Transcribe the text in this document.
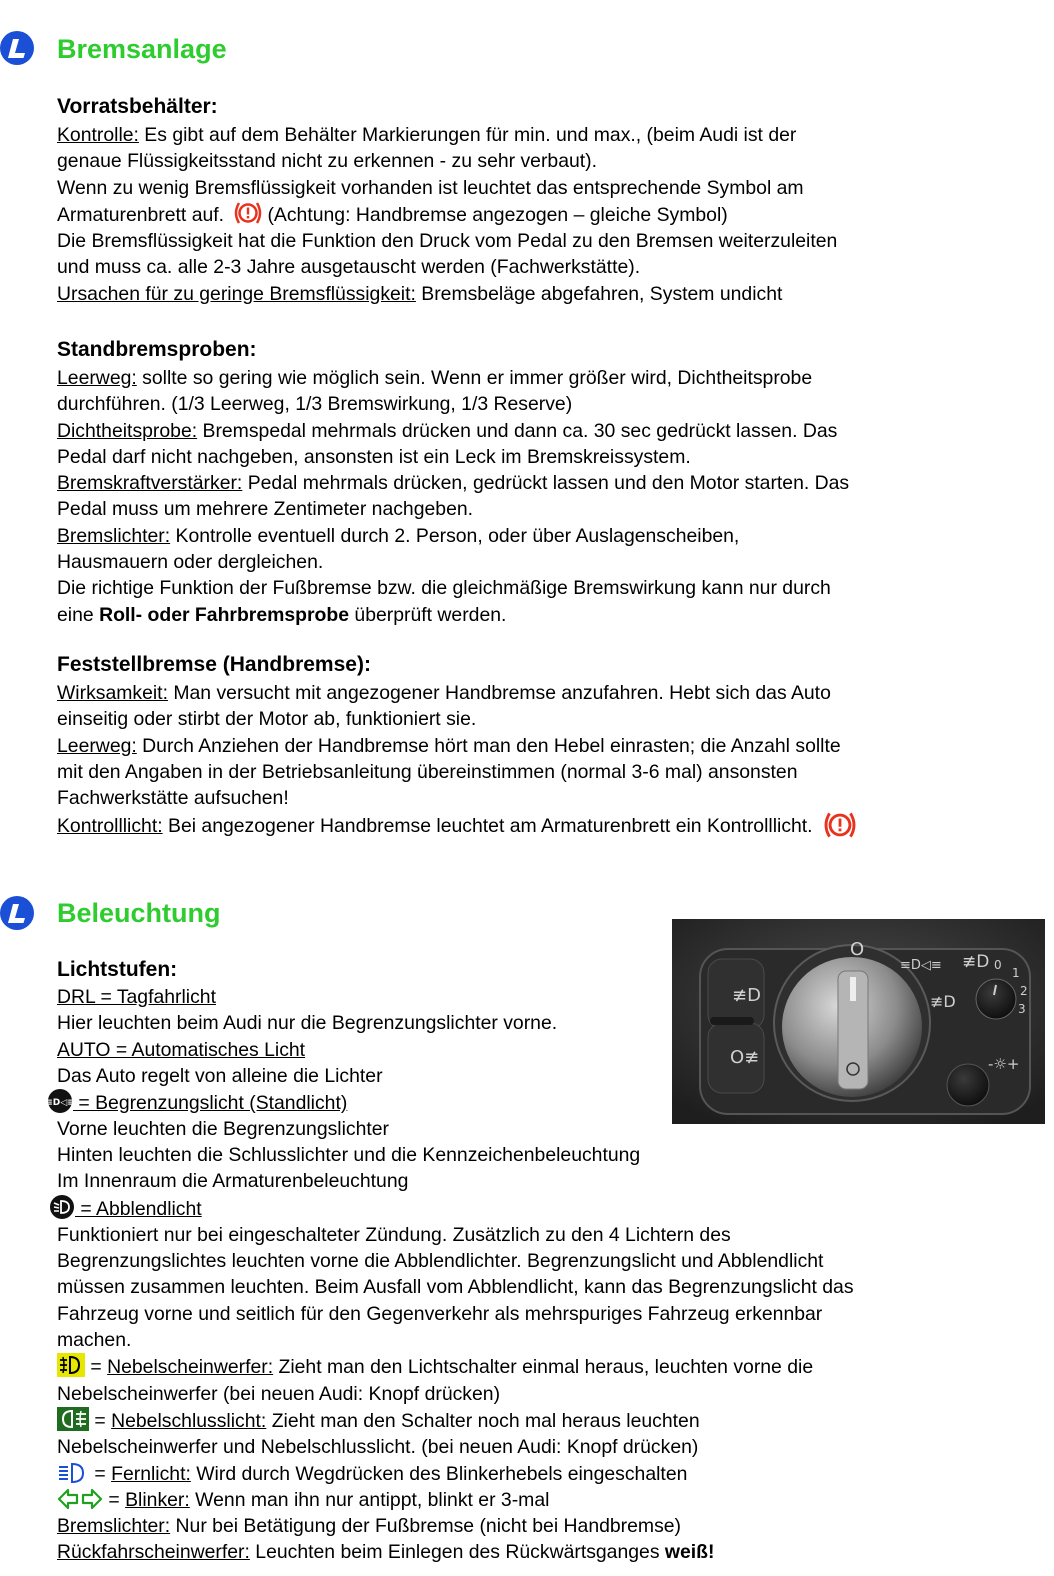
Bremsanlage
Vorratsbehälter:

Kontrolle: Es gibt auf dem Behälter Markierungen für min. und max., (beim Audi ist der

genaue Flüssigkeitsstand nicht zu erkennen - zu sehr verbaut).

Wenn zu wenig Bremsflüssigkeit vorhanden ist leuchtet das entsprechende Symbol am

Armaturenbrett auf. (Achtung: Handbremse angezogen – gleiche Symbol)

Die Bremsflüssigkeit hat die Funktion den Druck vom Pedal zu den Bremsen weiterzuleiten

und muss ca. alle 2-3 Jahre ausgetauscht werden (Fachwerkstätte).

Ursachen für zu geringe Bremsflüssigkeit: Bremsbeläge abgefahren, System undicht

Standbremsproben:

Leerweg: sollte so gering wie möglich sein. Wenn er immer größer wird, Dichtheitsprobe

durchführen. (1/3 Leerweg, 1/3 Bremswirkung, 1/3 Reserve)

Dichtheitsprobe: Bremspedal mehrmals drücken und dann ca. 30 sec gedrückt lassen. Das

Pedal darf nicht nachgeben, ansonsten ist ein Leck im Bremskreissystem.

Bremskraftverstärker: Pedal mehrmals drücken, gedrückt lassen und den Motor starten. Das

Pedal muss um mehrere Zentimeter nachgeben.

Bremslichter: Kontrolle eventuell durch 2. Person, oder über Auslagenscheiben,

Hausmauern oder dergleichen.

Die richtige Funktion der Fußbremse bzw. die gleichmäßige Bremswirkung kann nur durch

eine Roll- oder Fahrbremsprobe überprüft werden.

Feststellbremse (Handbremse):

Wirksamkeit: Man versucht mit angezogener Handbremse anzufahren. Hebt sich das Auto

einseitig oder stirbt der Motor ab, funktioniert sie.

Leerweg: Durch Anziehen der Handbremse hört man den Hebel einrasten; die Anzahl sollte

mit den Angaben in der Betriebsanleitung übereinstimmen (normal 3-6 mal) ansonsten

Fachwerkstätte aufsuchen!

Kontrolllicht: Bei angezogener Handbremse leuchtet am Armaturenbrett ein Kontrolllicht.

Beleuchtung
Lichtstufen:
≢D
O≢
O
≡D◁≡
≢D
≢D 0
1
2
3
-☼+

DRL = Tagfahrlicht

Hier leuchten beim Audi nur die Begrenzungslichter vorne.

AUTO = Automatisches Licht

Das Auto regelt von alleine die Lichter

≡D◁≡
= Begrenzungslicht (Standlicht)

Vorne leuchten die Begrenzungslichter

Hinten leuchten die Schlusslichter und die Kennzeichenbeleuchtung

Im Innenraum die Armaturenbeleuchtung

= Abblendlicht

Funktioniert nur bei eingeschalteter Zündung. Zusätzlich zu den 4 Lichtern des

Begrenzungslichtes leuchten vorne die Abblendlichter. Begrenzungslicht und Abblendlicht

müssen zusammen leuchten. Beim Ausfall vom Abblendlicht, kann das Begrenzungslicht das

Fahrzeug vorne und seitlich für den Gegenverkehr als mehrspuriges Fahrzeug erkennbar

machen.

= Nebelscheinwerfer: Zieht man den Lichtschalter einmal heraus, leuchten vorne die

Nebelscheinwerfer (bei neuen Audi: Knopf drücken)

= Nebelschlusslicht: Zieht man den Schalter noch mal heraus leuchten

Nebelscheinwerfer und Nebelschlusslicht. (bei neuen Audi: Knopf drücken)

= Fernlicht: Wird durch Wegdrücken des Blinkerhebels eingeschalten

= Blinker: Wenn man ihn nur antippt, blinkt er 3-mal

Bremslichter: Nur bei Betätigung der Fußbremse (nicht bei Handbremse)

Rückfahrscheinwerfer: Leuchten beim Einlegen des Rückwärtsganges weiß!
